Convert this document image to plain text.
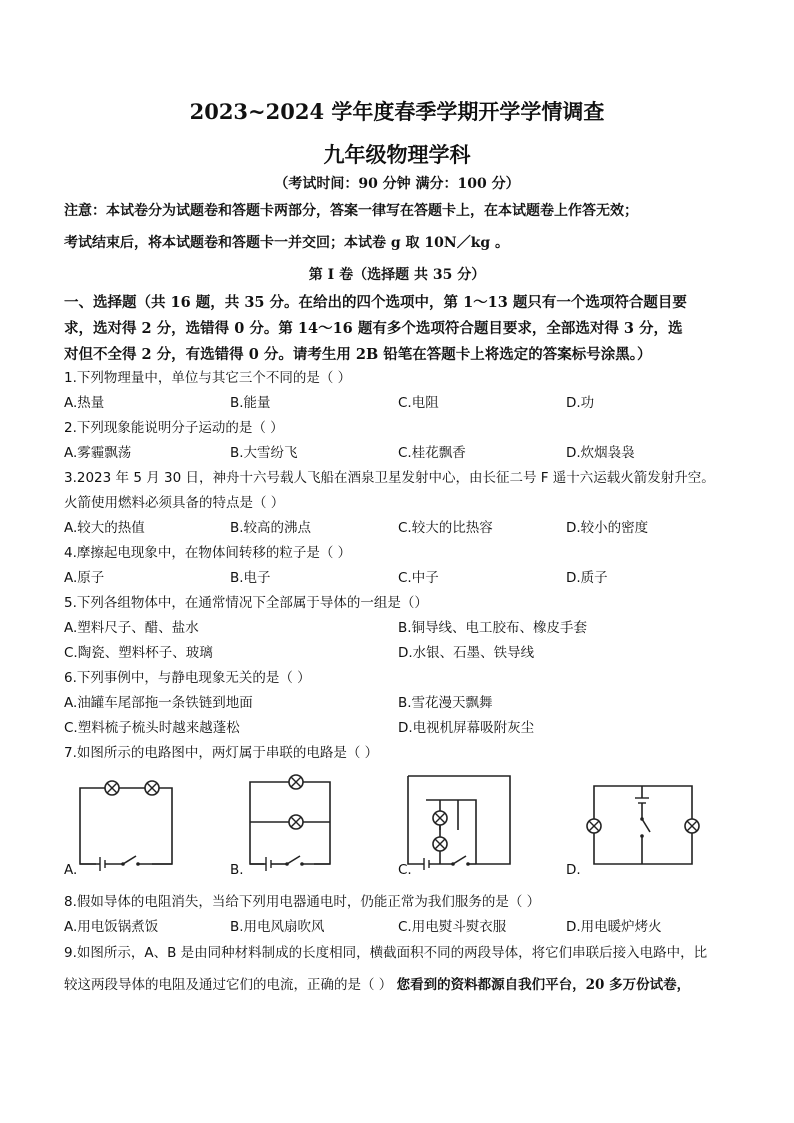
2023~2024 学年度春季学期开学学情调查
九年级物理学科
（考试时间：90 分钟 满分：100 分）
注意：本试卷分为试题卷和答题卡两部分，答案一律写在答题卡上，在本试题卷上作答无效；
考试结束后，将本试题卷和答题卡一并交回；本试卷 g 取 10N／kg 。
第 I 卷（选择题 共 35 分）
一、选择题（共 16 题，共 35 分。在给出的四个选项中，第 1～13 题只有一个选项符合题目要
求，选对得 2 分，选错得 0 分。第 14～16 题有多个选项符合题目要求，全部选对得 3 分，选
对但不全得 2 分，有选错得 0 分。请考生用 2B 铅笔在答题卡上将选定的答案标号涂黑。）
1.下列物理量中，单位与其它三个不同的是（ ）
A.热量	B.能量	C.电阻	D.功
2.下列现象能说明分子运动的是（ ）
A.雾霾飘荡	B.大雪纷飞	C.桂花飘香	D.炊烟袅袅
3.2023 年 5 月 30 日，神舟十六号载人飞船在酒泉卫星发射中心，由长征二号 F 遥十六运载火箭发射升空。
火箭使用燃料必须具备的特点是（ ）
A.较大的热值	B.较高的沸点	C.较大的比热容	D.较小的密度
4.摩擦起电现象中，在物体间转移的粒子是（ ）
A.原子	B.电子	C.中子	D.质子
5.下列各组物体中，在通常情况下全部属于导体的一组是（）
A.塑料尺子、醋、盐水	B.铜导线、电工胶布、橡皮手套
C.陶瓷、塑料杯子、玻璃	D.水银、石墨、铁导线
6.下列事例中，与静电现象无关的是（ ）
A.油罐车尾部拖一条铁链到地面	B.雪花漫天飘舞
C.塑料梳子梳头时越来越蓬松	D.电视机屏幕吸附灰尘
7.如图所示的电路图中，两灯属于串联的电路是（ ）
A.	B.	C.	D.
8.假如导体的电阻消失，当给下列用电器通电时，仍能正常为我们服务的是（ ）
A.用电饭锅煮饭	B.用电风扇吹风	C.用电熨斗熨衣服	D.用电暖炉烤火
9.如图所示，A、B 是由同种材料制成的长度相同，横截面积不同的两段导体，将它们串联后接入电路中，比
较这两段导体的电阻及通过它们的电流，正确的是（ ） 您看到的资料都源自我们平台，20 多万份试卷，
